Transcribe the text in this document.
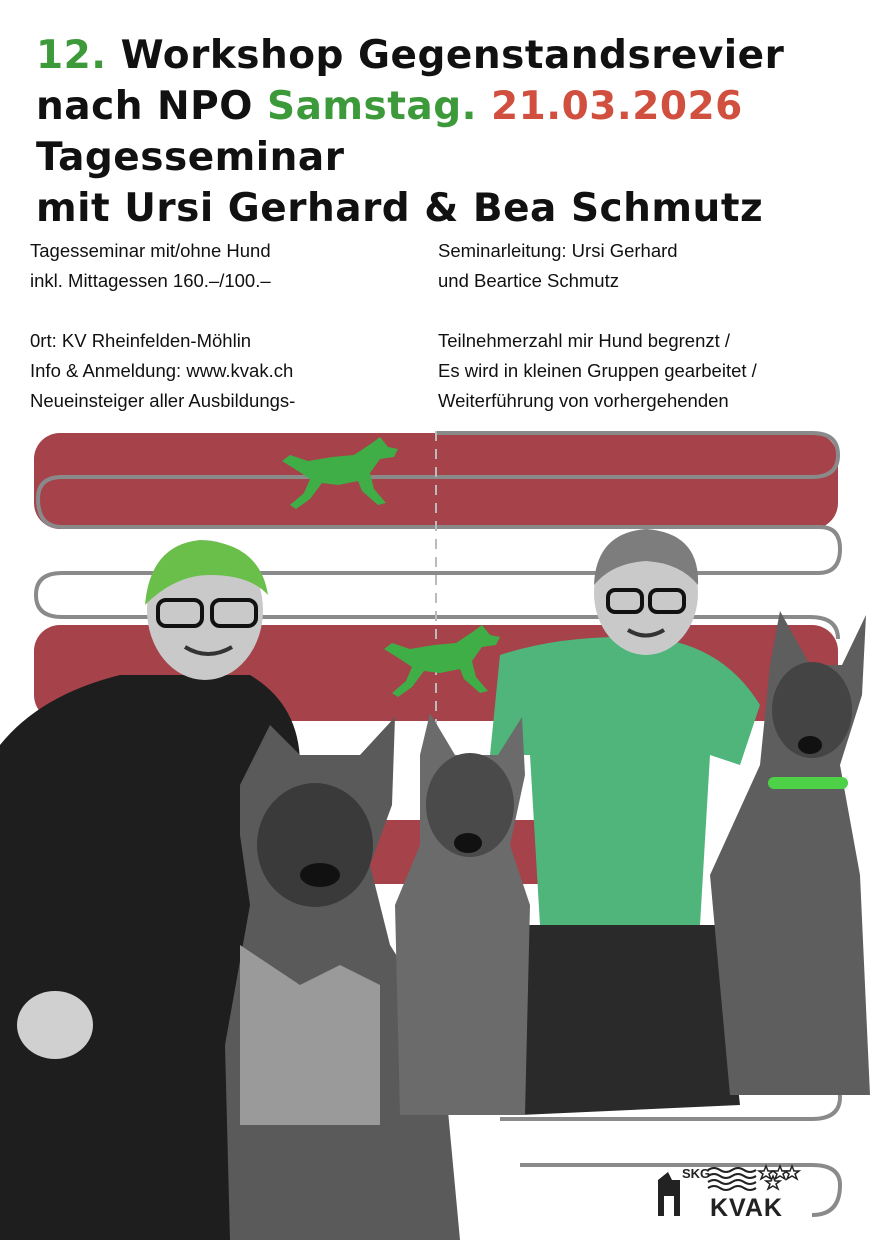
12. Workshop Gegenstandsrevier
nach NPO Samstag. 21.03.2026
Tagesseminar
mit Ursi Gerhard & Bea Schmutz
Tagesseminar mit/ohne Hund
inkl. Mittagessen 160.–/100.–
0rt: KV Rheinfelden-Möhlin
Info & Anmeldung: www.kvak.ch
Neueinsteiger aller Ausbildungs-
Seminarleitung: Ursi Gerhard
und Beartice Schmutz
Teilnehmerzahl mir Hund begrenzt /
Es wird in kleinen Gruppen gearbeitet /
Weiterführung von vorhergehenden
SKG
KVAK
